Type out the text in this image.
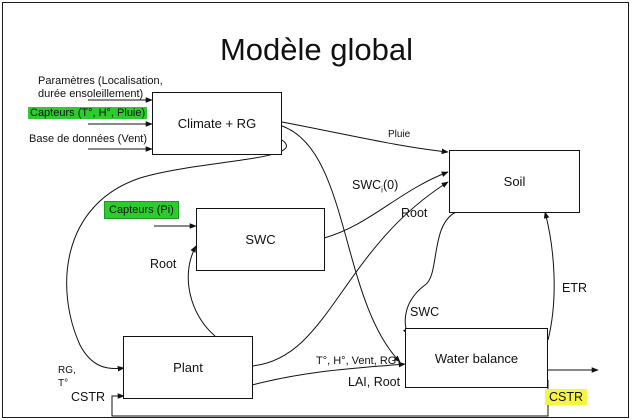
Modèle global
Climate + RG
Soil
SWC
Plant
Water balance
Paramètres (Localisation,
durée ensoleillement)
Capteurs (T°, H°, Pluie)
Base de données (Vent)
Capteurs (Pi)
Pluie
$SWC_i(0)$
Root
Root
ETR
SWC
T°, H°, Vent, RG
LAI, Root
RG,
T°
CSTR	CSTR
